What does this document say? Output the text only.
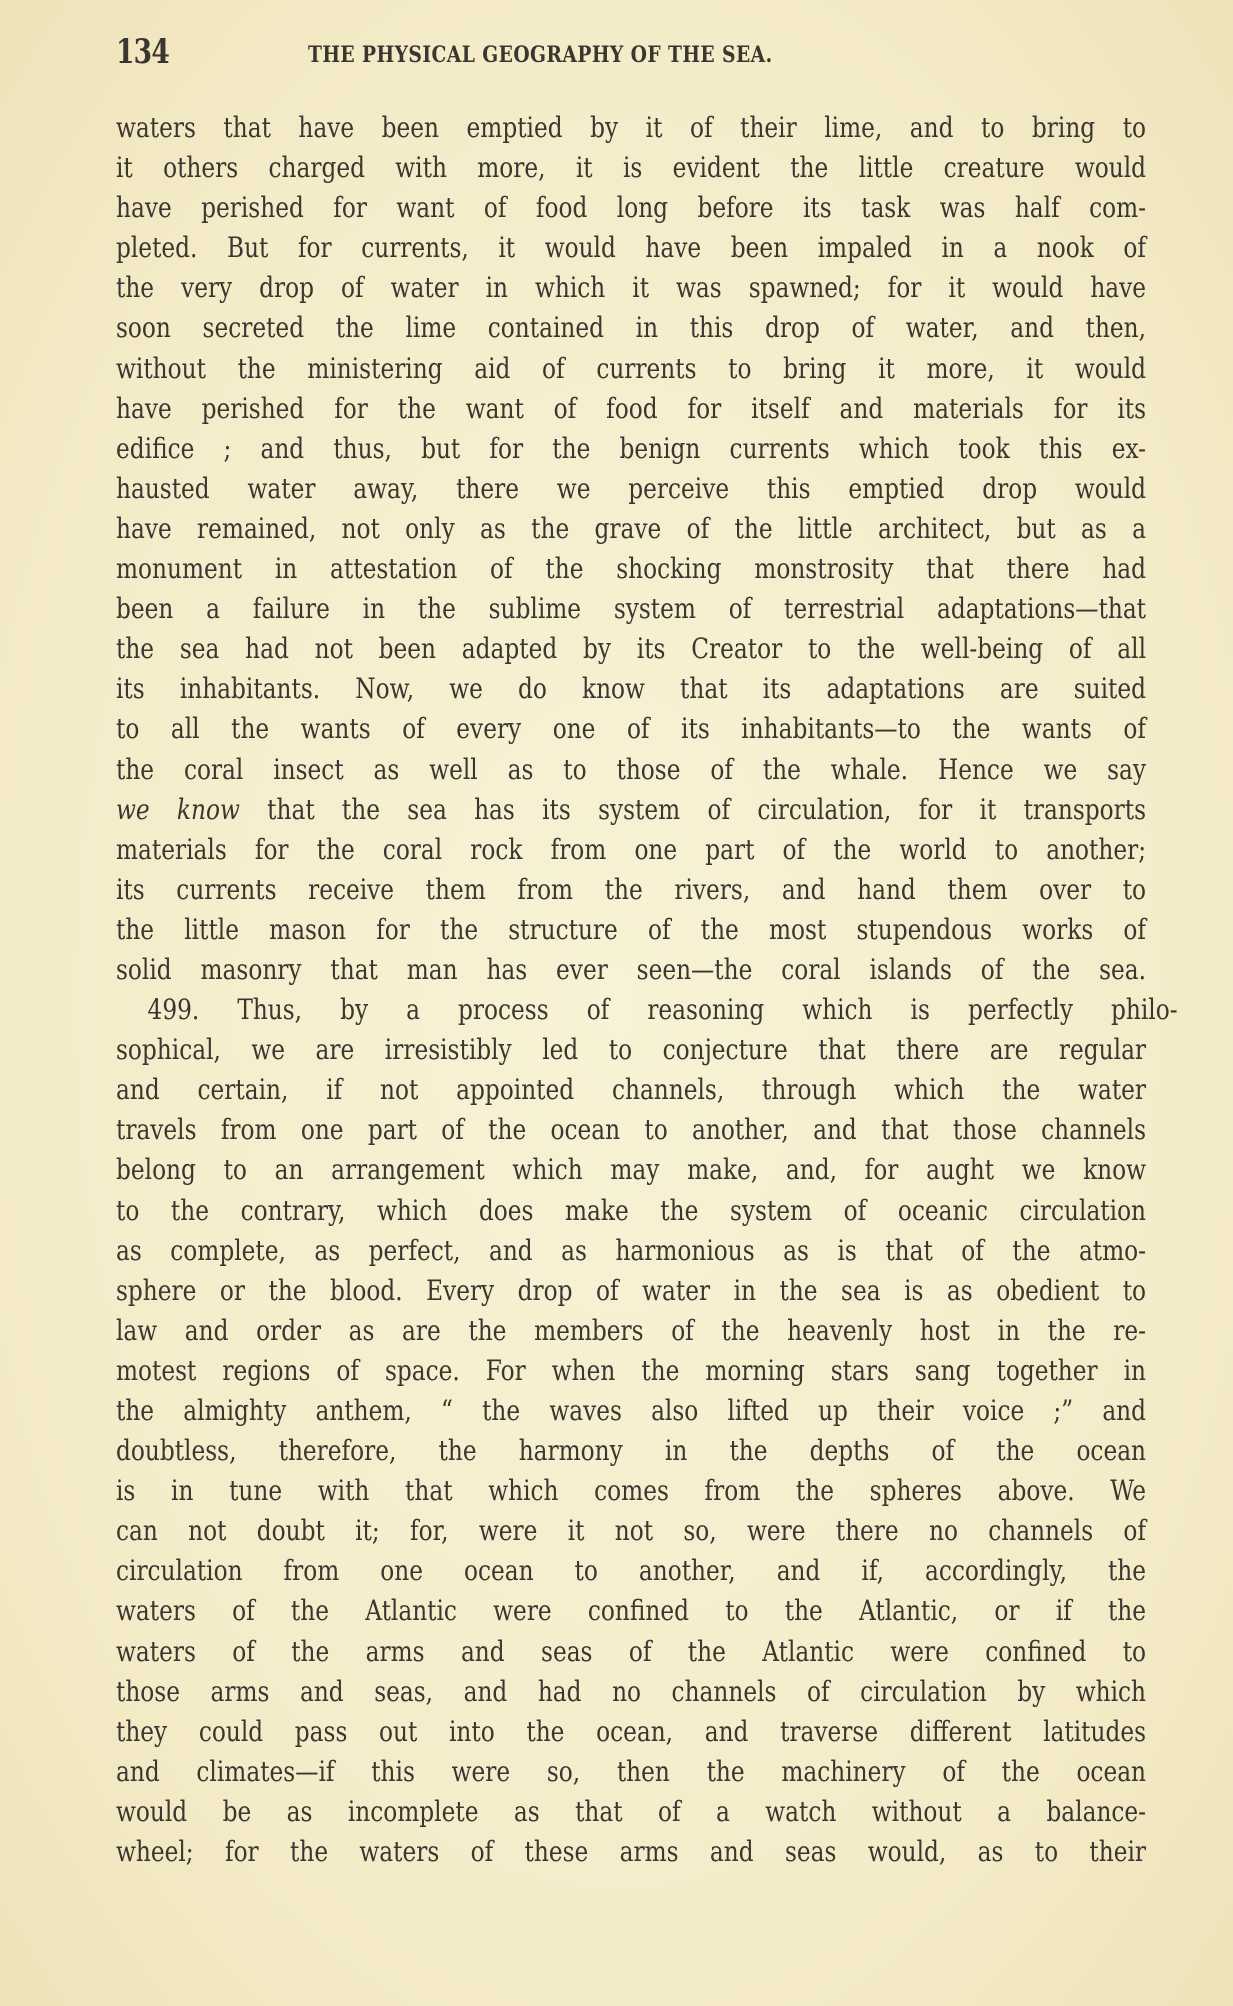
134	THE PHYSICAL GEOGRAPHY OF THE SEA.
waters that have been emptied by it of their lime, and to bring to
it others charged with more, it is evident the little creature would
have perished for want of food long before its task was half com-
pleted. But for currents, it would have been impaled in a nook of
the very drop of water in which it was spawned; for it would have
soon secreted the lime contained in this drop of water, and then,
without the ministering aid of currents to bring it more, it would
have perished for the want of food for itself and materials for its
edifice ; and thus, but for the benign currents which took this ex-
hausted water away, there we perceive this emptied drop would
have remained, not only as the grave of the little architect, but as a
monument in attestation of the shocking monstrosity that there had
been a failure in the sublime system of terrestrial adaptations—that
the sea had not been adapted by its Creator to the well-being of all
its inhabitants. Now, we do know that its adaptations are suited
to all the wants of every one of its inhabitants—to the wants of
the coral insect as well as to those of the whale. Hence we say
we know that the sea has its system of circulation, for it transports
materials for the coral rock from one part of the world to another;
its currents receive them from the rivers, and hand them over to
the little mason for the structure of the most stupendous works of
solid masonry that man has ever seen—the coral islands of the sea.
499. Thus, by a process of reasoning which is perfectly philo-
sophical, we are irresistibly led to conjecture that there are regular
and certain, if not appointed channels, through which the water
travels from one part of the ocean to another, and that those channels
belong to an arrangement which may make, and, for aught we know
to the contrary, which does make the system of oceanic circulation
as complete, as perfect, and as harmonious as is that of the atmo-
sphere or the blood. Every drop of water in the sea is as obedient to
law and order as are the members of the heavenly host in the re-
motest regions of space. For when the morning stars sang together in
the almighty anthem, “ the waves also lifted up their voice ;” and
doubtless, therefore, the harmony in the depths of the ocean
is in tune with that which comes from the spheres above. We
can not doubt it; for, were it not so, were there no channels of
circulation from one ocean to another, and if, accordingly, the
waters of the Atlantic were confined to the Atlantic, or if the
waters of the arms and seas of the Atlantic were confined to
those arms and seas, and had no channels of circulation by which
they could pass out into the ocean, and traverse different latitudes
and climates—if this were so, then the machinery of the ocean
would be as incomplete as that of a watch without a balance-
wheel; for the waters of these arms and seas would, as to their
